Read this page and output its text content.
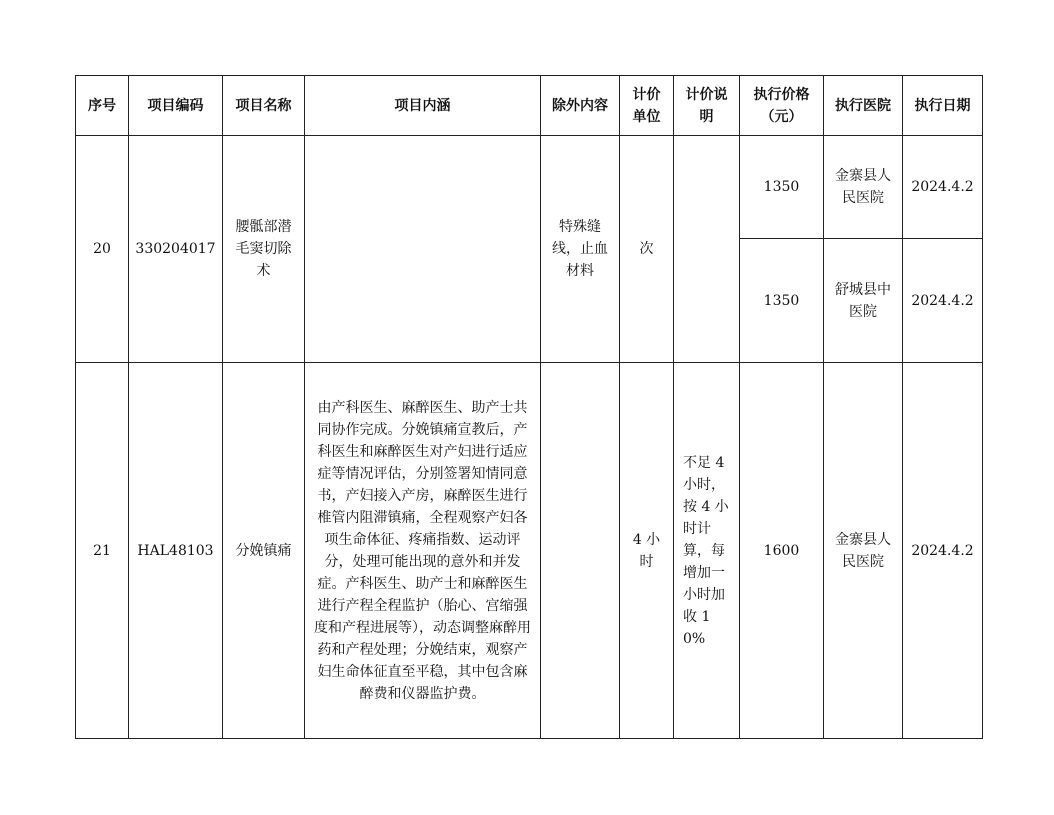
序号	项目编码	项目名称	项目内涵	除外内容	计价单位	计价说明	执行价格（元）	执行医院	执行日期
20	330204017	腰骶部潜毛窦切除术		特殊缝线，止血材料	次		1350	金寨县人民医院	2024.4.2
							1350	舒城县中医院	2024.4.2
21	HAL48103	分娩镇痛	由产科医生、麻醉医生、助产士共同协作完成。分娩镇痛宣教后，产科医生和麻醉医生对产妇进行适应症等情况评估，分别签署知情同意书，产妇接入产房，麻醉医生进行椎管内阻滞镇痛，全程观察产妇各项生命体征、疼痛指数、运动评分，处理可能出现的意外和并发症。产科医生、助产士和麻醉医生进行产程全程监护（胎心、宫缩强度和产程进展等），动态调整麻醉用药和产程处理；分娩结束，观察产妇生命体征直至平稳，其中包含麻醉费和仪器监护费。		4 小时	不足 4 小时，按 4 小时计算，每增加一小时加收 10%	1600	金寨县人民医院	2024.4.2
